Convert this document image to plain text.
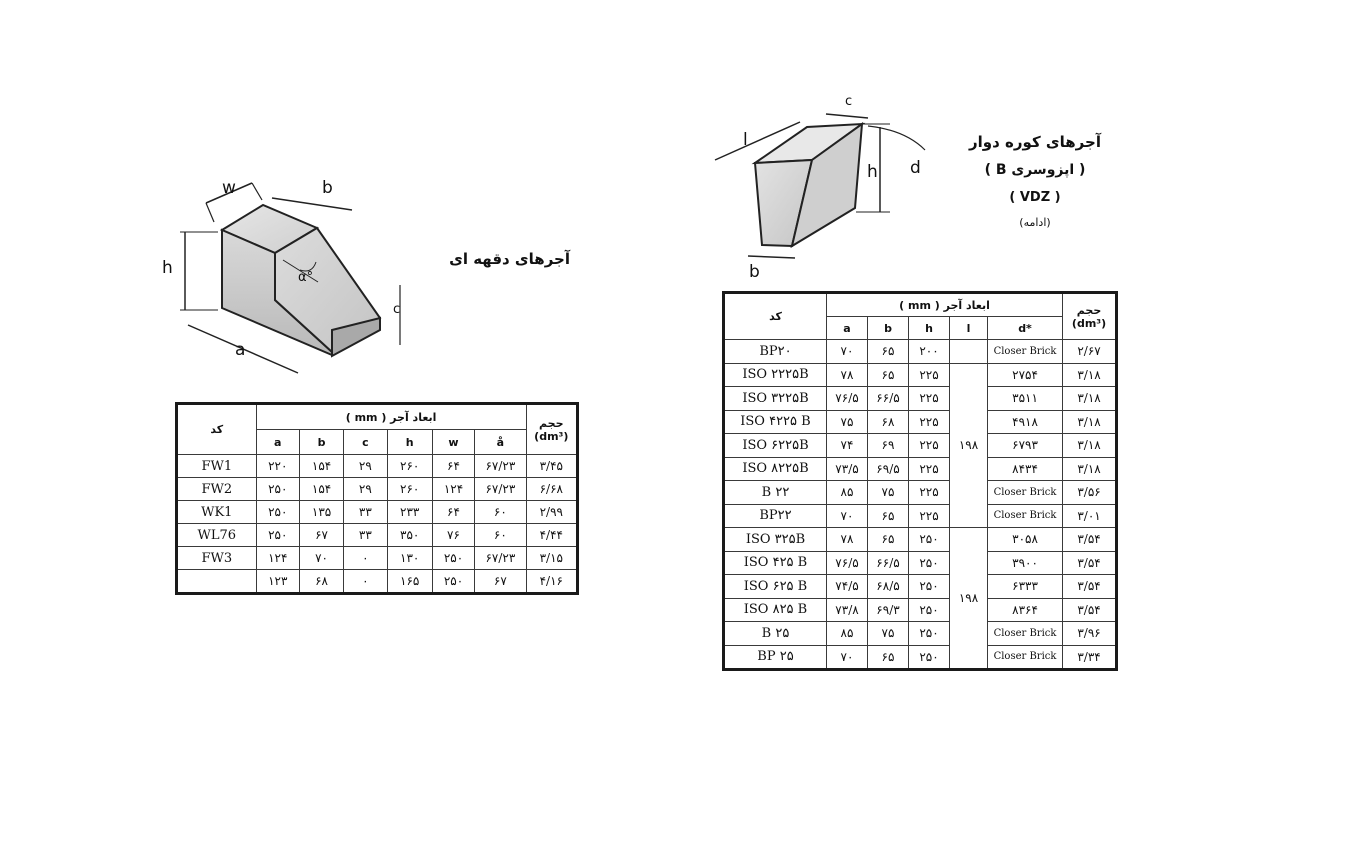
w	b
h
a
c
α°
آجرهای دقهه ای
کد	ابعاد آجر ( mm )						حجم
(dm³)

	a	b	c	h	w	å	
FW1	۲۲۰	۱۵۴	۲۹	۲۶۰	۶۴	۶۷/۲۳	۳/۴۵
FW2	۲۵۰	۱۵۴	۲۹	۲۶۰	۱۲۴	۶۷/۲۳	۶/۶۸
WK1	۲۵۰	۱۳۵	۳۳	۲۳۳	۶۴	۶۰	۲/۹۹
WL76	۲۵۰	۶۷	۳۳	۳۵۰	۷۶	۶۰	۴/۴۴
FW3	۱۲۴	۷۰	۰	۱۳۰	۲۵۰	۶۷/۲۳	۳/۱۵
	۱۲۳	۶۸	۰	۱۶۵	۲۵۰	۶۷	۴/۱۶
c
l
h d
b
آجرهای کوره دوار
( اپزوسری B )
( VDZ )
(ادامه)
کد	ابعاد آجر ( mm )					حجم
(dm³)

	a	b	h	l	d*	
BP۲۰	۷۰	۶۵	۲۰۰		Closer Brick	۲/۶۷
ISO ۲۲۲۵B	۷۸	۶۵	۲۲۵	۱۹۸	۲۷۵۴	۳/۱۸
ISO ۳۲۲۵B	۷۶/۵	۶۶/۵	۲۲۵		۳۵۱۱	۳/۱۸
ISO ۴۲۲۵ B	۷۵	۶۸	۲۲۵		۴۹۱۸	۳/۱۸
ISO ۶۲۲۵B	۷۴	۶۹	۲۲۵		۶۷۹۳	۳/۱۸
ISO ۸۲۲۵B	۷۳/۵	۶۹/۵	۲۲۵		۸۴۳۴	۳/۱۸
B ۲۲	۸۵	۷۵	۲۲۵		Closer Brick	۳/۵۶
BP۲۲	۷۰	۶۵	۲۲۵		Closer Brick	۳/۰۱
ISO ۳۲۵B	۷۸	۶۵	۲۵۰	۱۹۸	۳۰۵۸	۳/۵۴
ISO ۴۲۵ B	۷۶/۵	۶۶/۵	۲۵۰		۳۹۰۰	۳/۵۴
ISO ۶۲۵ B	۷۴/۵	۶۸/۵	۲۵۰		۶۳۳۳	۳/۵۴
ISO ۸۲۵ B	۷۳/۸	۶۹/۳	۲۵۰		۸۳۶۴	۳/۵۴
B ۲۵	۸۵	۷۵	۲۵۰		Closer Brick	۳/۹۶
BP ۲۵	۷۰	۶۵	۲۵۰		Closer Brick	۳/۳۴
